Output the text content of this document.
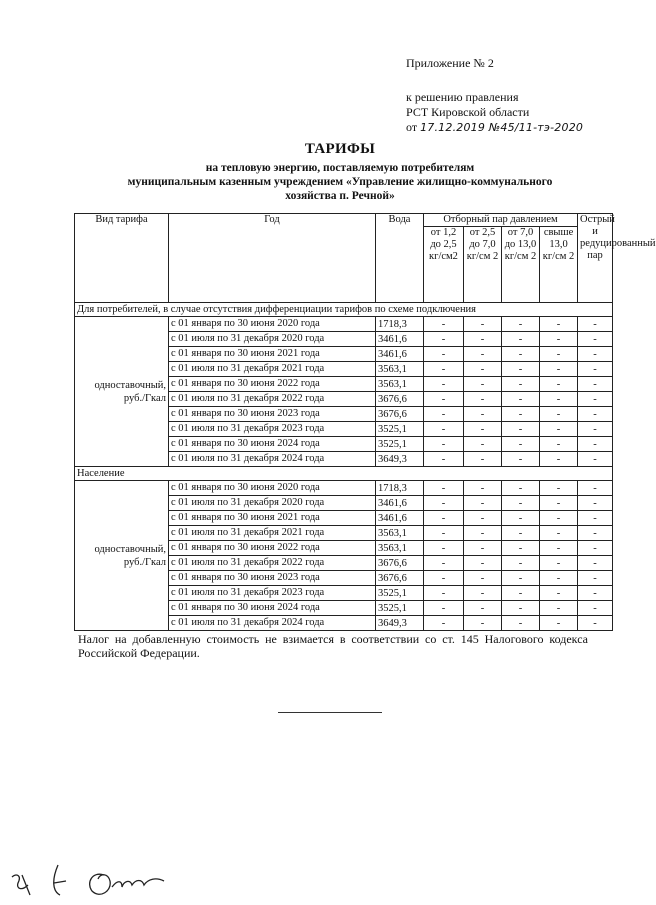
Приложение № 2
к решению правления
РСТ Кировской области
от 17.12.2019 №45/11-тэ-2020
ТАРИФЫ
на тепловую энергию, поставляемую потребителям
муниципальным казенным учреждением «Управление жилищно-коммунального
хозяйства п. Речной»
Вид тарифа	Год	Вода	Отборный пар давлением				Острый и редуцированный пар
			от 1,2 до 2,5 кг/см2	от 2,5 до 7,0 кг/см 2	от 7,0 до 13,0 кг/см 2	свыше 13,0 кг/см 2	
Для потребителей, в случае отсутствия дифференциации тарифов по схеме подключения							
одноставочный, руб./Гкал	с 01 января по 30 июня 2020 года	1718,3	-	-	-	-	-
	с 01 июля по 31 декабря 2020 года	3461,6	-	-	-	-	-
	с 01 января по 30 июня 2021 года	3461,6	-	-	-	-	-
	с 01 июля по 31 декабря 2021 года	3563,1	-	-	-	-	-
	с 01 января по 30 июня 2022 года	3563,1	-	-	-	-	-
	с 01 июля по 31 декабря 2022 года	3676,6	-	-	-	-	-
	с 01 января по 30 июня 2023 года	3676,6	-	-	-	-	-
	с 01 июля по 31 декабря 2023 года	3525,1	-	-	-	-	-
	с 01 января по 30 июня 2024 года	3525,1	-	-	-	-	-
	с 01 июля по 31 декабря 2024 года	3649,3	-	-	-	-	-
Население							
одноставочный, руб./Гкал	с 01 января по 30 июня 2020 года	1718,3	-	-	-	-	-
	с 01 июля по 31 декабря 2020 года	3461,6	-	-	-	-	-
	с 01 января по 30 июня 2021 года	3461,6	-	-	-	-	-
	с 01 июля по 31 декабря 2021 года	3563,1	-	-	-	-	-
	с 01 января по 30 июня 2022 года	3563,1	-	-	-	-	-
	с 01 июля по 31 декабря 2022 года	3676,6	-	-	-	-	-
	с 01 января по 30 июня 2023 года	3676,6	-	-	-	-	-
	с 01 июля по 31 декабря 2023 года	3525,1	-	-	-	-	-
	с 01 января по 30 июня 2024 года	3525,1	-	-	-	-	-
	с 01 июля по 31 декабря 2024 года	3649,3	-	-	-	-	-
Налог на добавленную стоимость не взимается в соответствии со ст. 145 Налогового кодекса Российской Федерации.
